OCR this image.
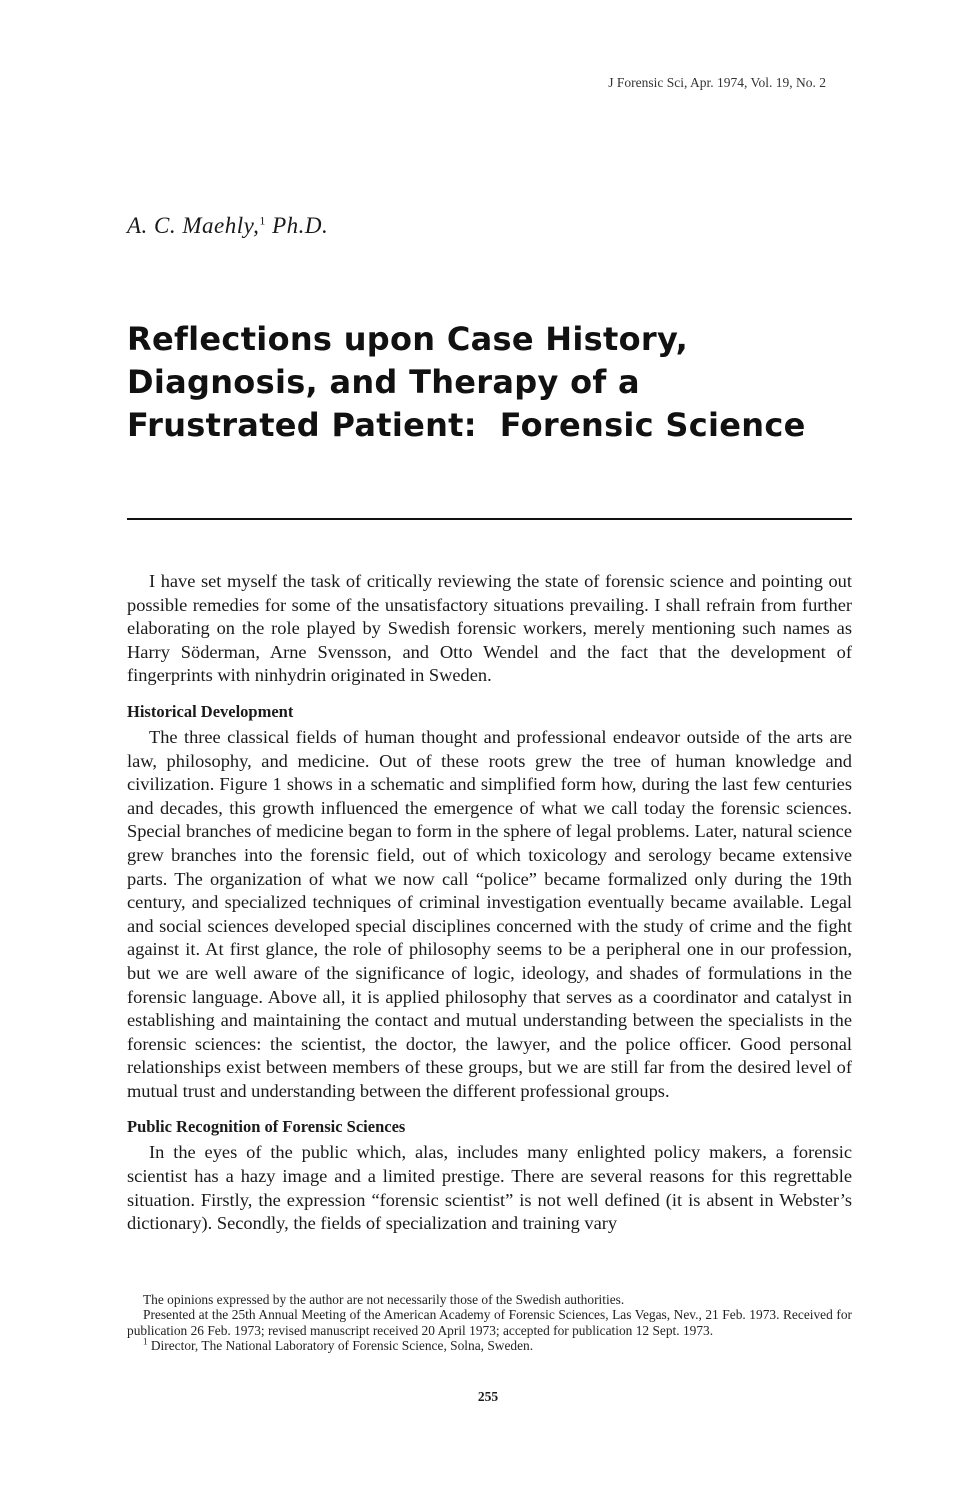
J Forensic Sci, Apr. 1974, Vol. 19, No. 2
A. C. Maehly,$^1$ Ph.D.
Reflections upon Case History,
Diagnosis, and Therapy of a
Frustrated Patient:  Forensic Science

I have set myself the task of critically reviewing the state of forensic science and pointing out possible remedies for some of the unsatisfactory situations prevailing. I shall refrain from further elaborating on the role played by Swedish forensic workers, merely mentioning such names as Harry Söderman, Arne Svensson, and Otto Wendel and the fact that the development of fingerprints with ninhydrin originated in Sweden.

Historical Development

The three classical fields of human thought and professional endeavor outside of the arts are law, philosophy, and medicine. Out of these roots grew the tree of human knowledge and civilization. Figure 1 shows in a schematic and simplified form how, during the last few centuries and decades, this growth influenced the emergence of what we call today the forensic sciences. Special branches of medicine began to form in the sphere of legal problems. Later, natural science grew branches into the forensic field, out of which toxicology and serology became extensive parts. The organization of what we now call “police” became formalized only during the 19th century, and specialized techniques of criminal investigation eventually became available. Legal and social sciences developed special disciplines concerned with the study of crime and the fight against it. At first glance, the role of philosophy seems to be a peripheral one in our profession, but we are well aware of the significance of logic, ideology, and shades of formulations in the forensic language. Above all, it is applied philosophy that serves as a coordinator and catalyst in establishing and maintaining the contact and mutual understanding between the specialists in the forensic sciences: the scientist, the doctor, the lawyer, and the police officer. Good personal relationships exist between members of these groups, but we are still far from the desired level of mutual trust and understanding between the different professional groups.

Public Recognition of Forensic Sciences

In the eyes of the public which, alas, includes many enlighted policy makers, a forensic scientist has a hazy image and a limited prestige. There are several reasons for this regrettable situation. Firstly, the expression “forensic scientist” is not well defined (it is absent in Webster’s dictionary). Secondly, the fields of specialization and training vary

The opinions expressed by the author are not necessarily those of the Swedish authorities.

Presented at the 25th Annual Meeting of the American Academy of Forensic Sciences, Las Vegas, Nev., 21 Feb. 1973. Received for publication 26 Feb. 1973; revised manuscript received 20 April 1973; accepted for publication 12 Sept. 1973.

$^1$ Director, The National Laboratory of Forensic Science, Solna, Sweden.

255
